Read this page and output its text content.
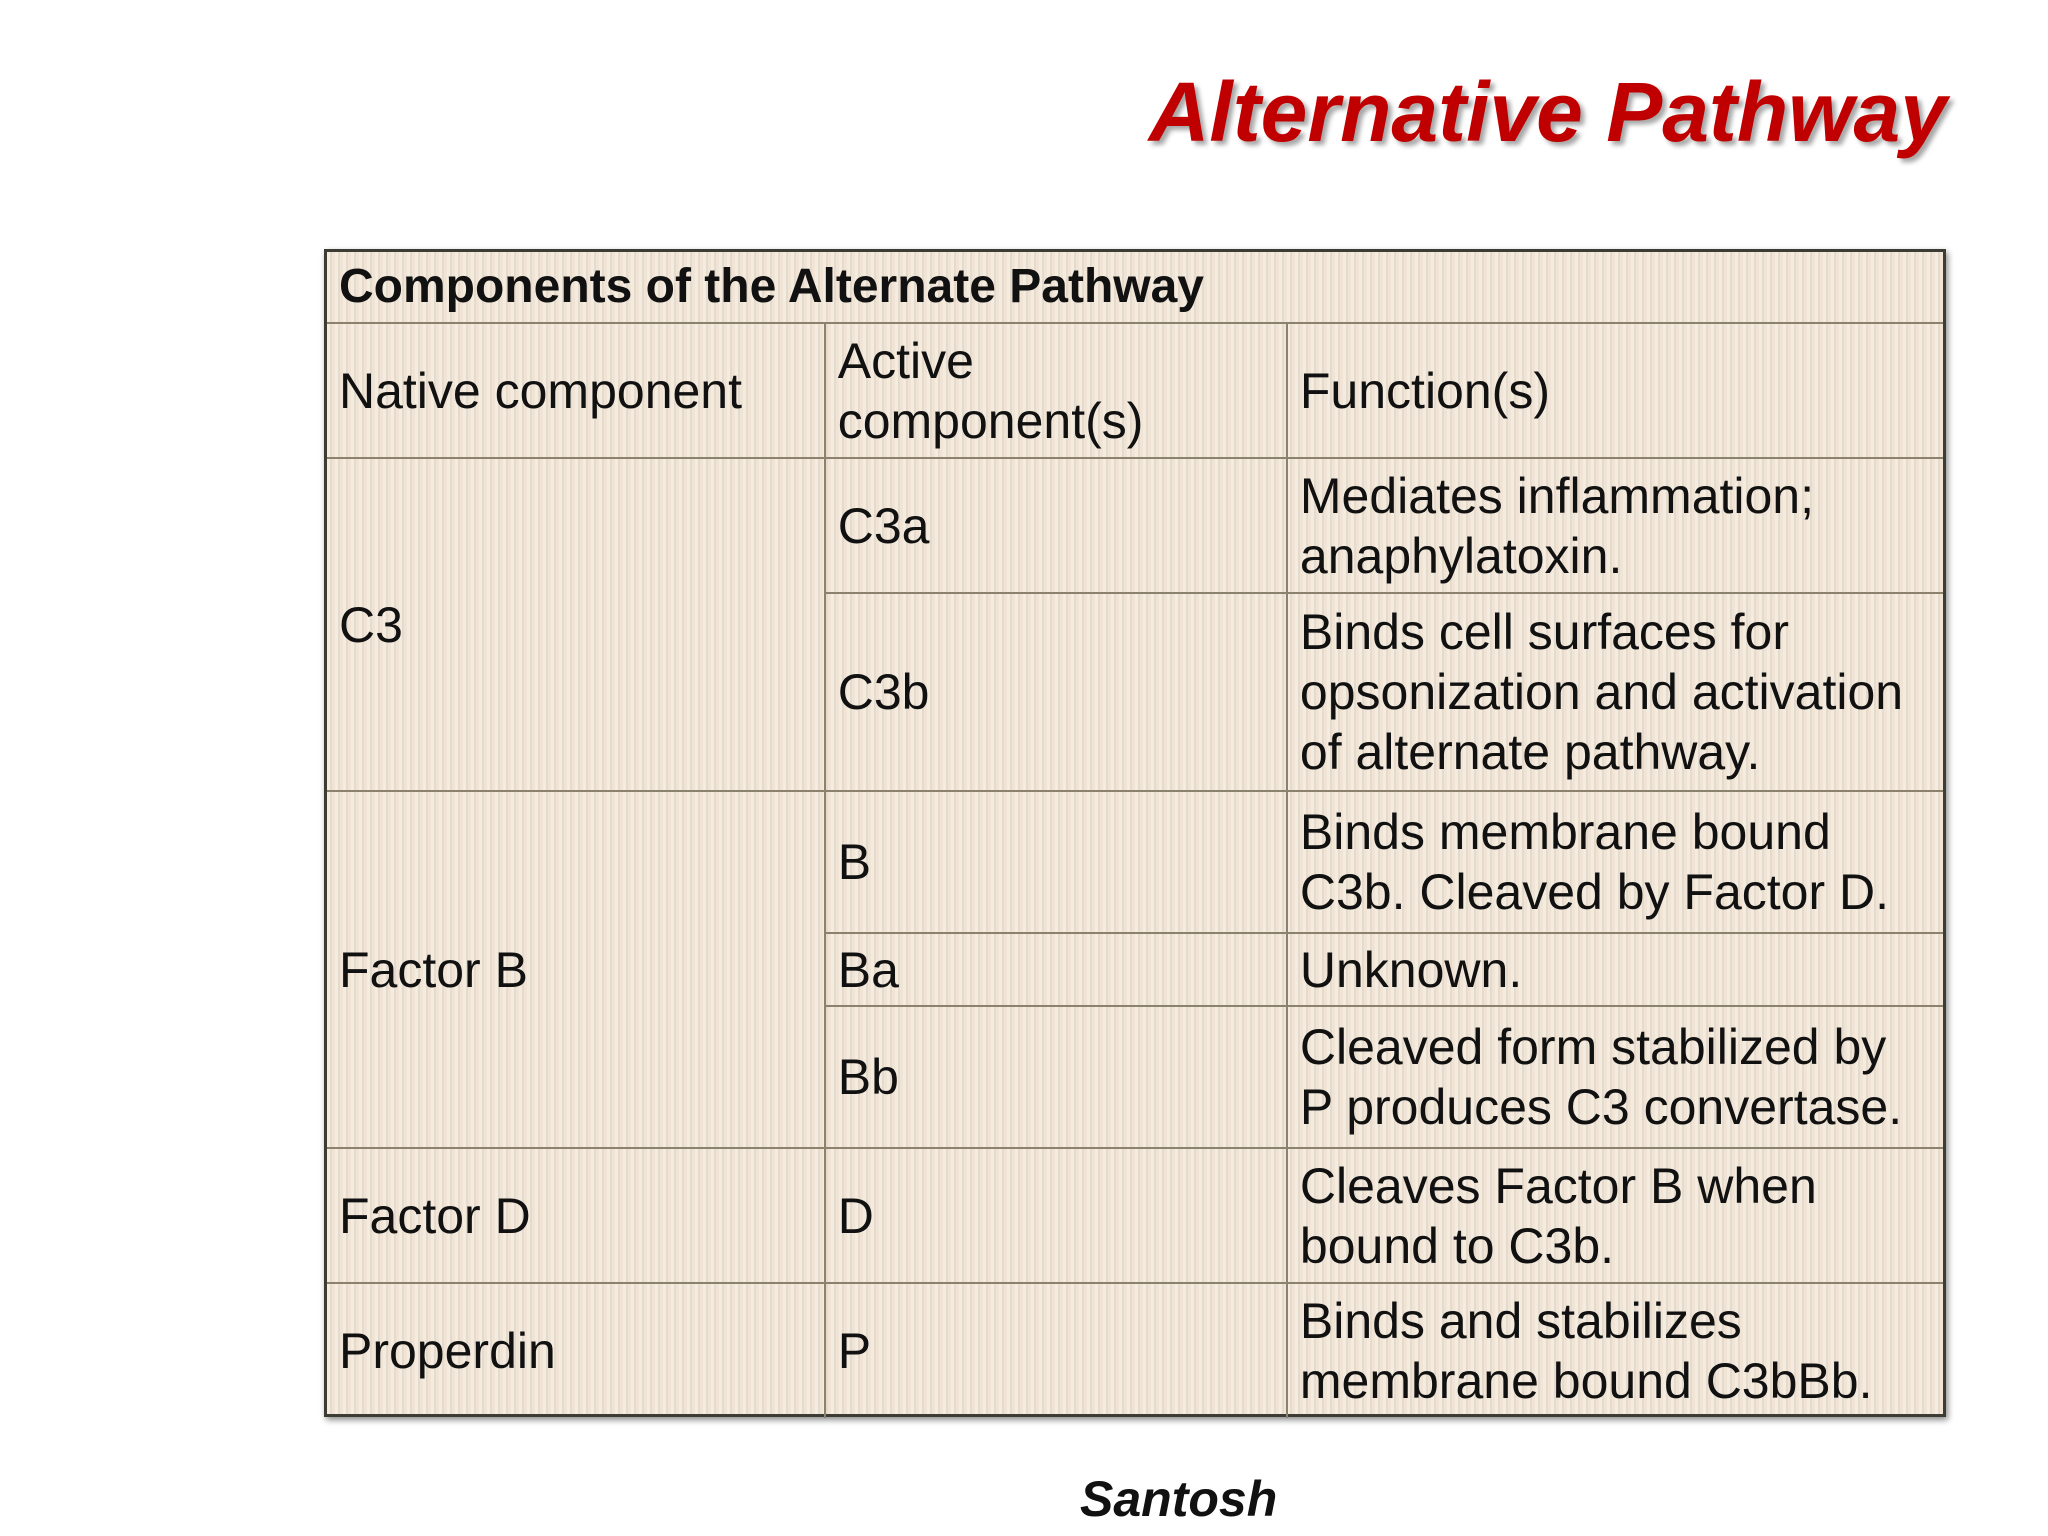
Alternative Pathway
Components of the Alternate Pathway		
Native component	Active component(s)	Function(s)
C3	C3a	Mediates inflammation; anaphylatoxin.
	C3b	Binds cell surfaces for opsonization and activation of alternate pathway.
Factor B	B	Binds membrane bound C3b. Cleaved by Factor D.
	Ba	Unknown.
	Bb	Cleaved form stabilized by P produces C3 convertase.
Factor D	D	Cleaves Factor B when bound to C3b.
Properdin	P	Binds and stabilizes membrane bound C3bBb.

Santosh
